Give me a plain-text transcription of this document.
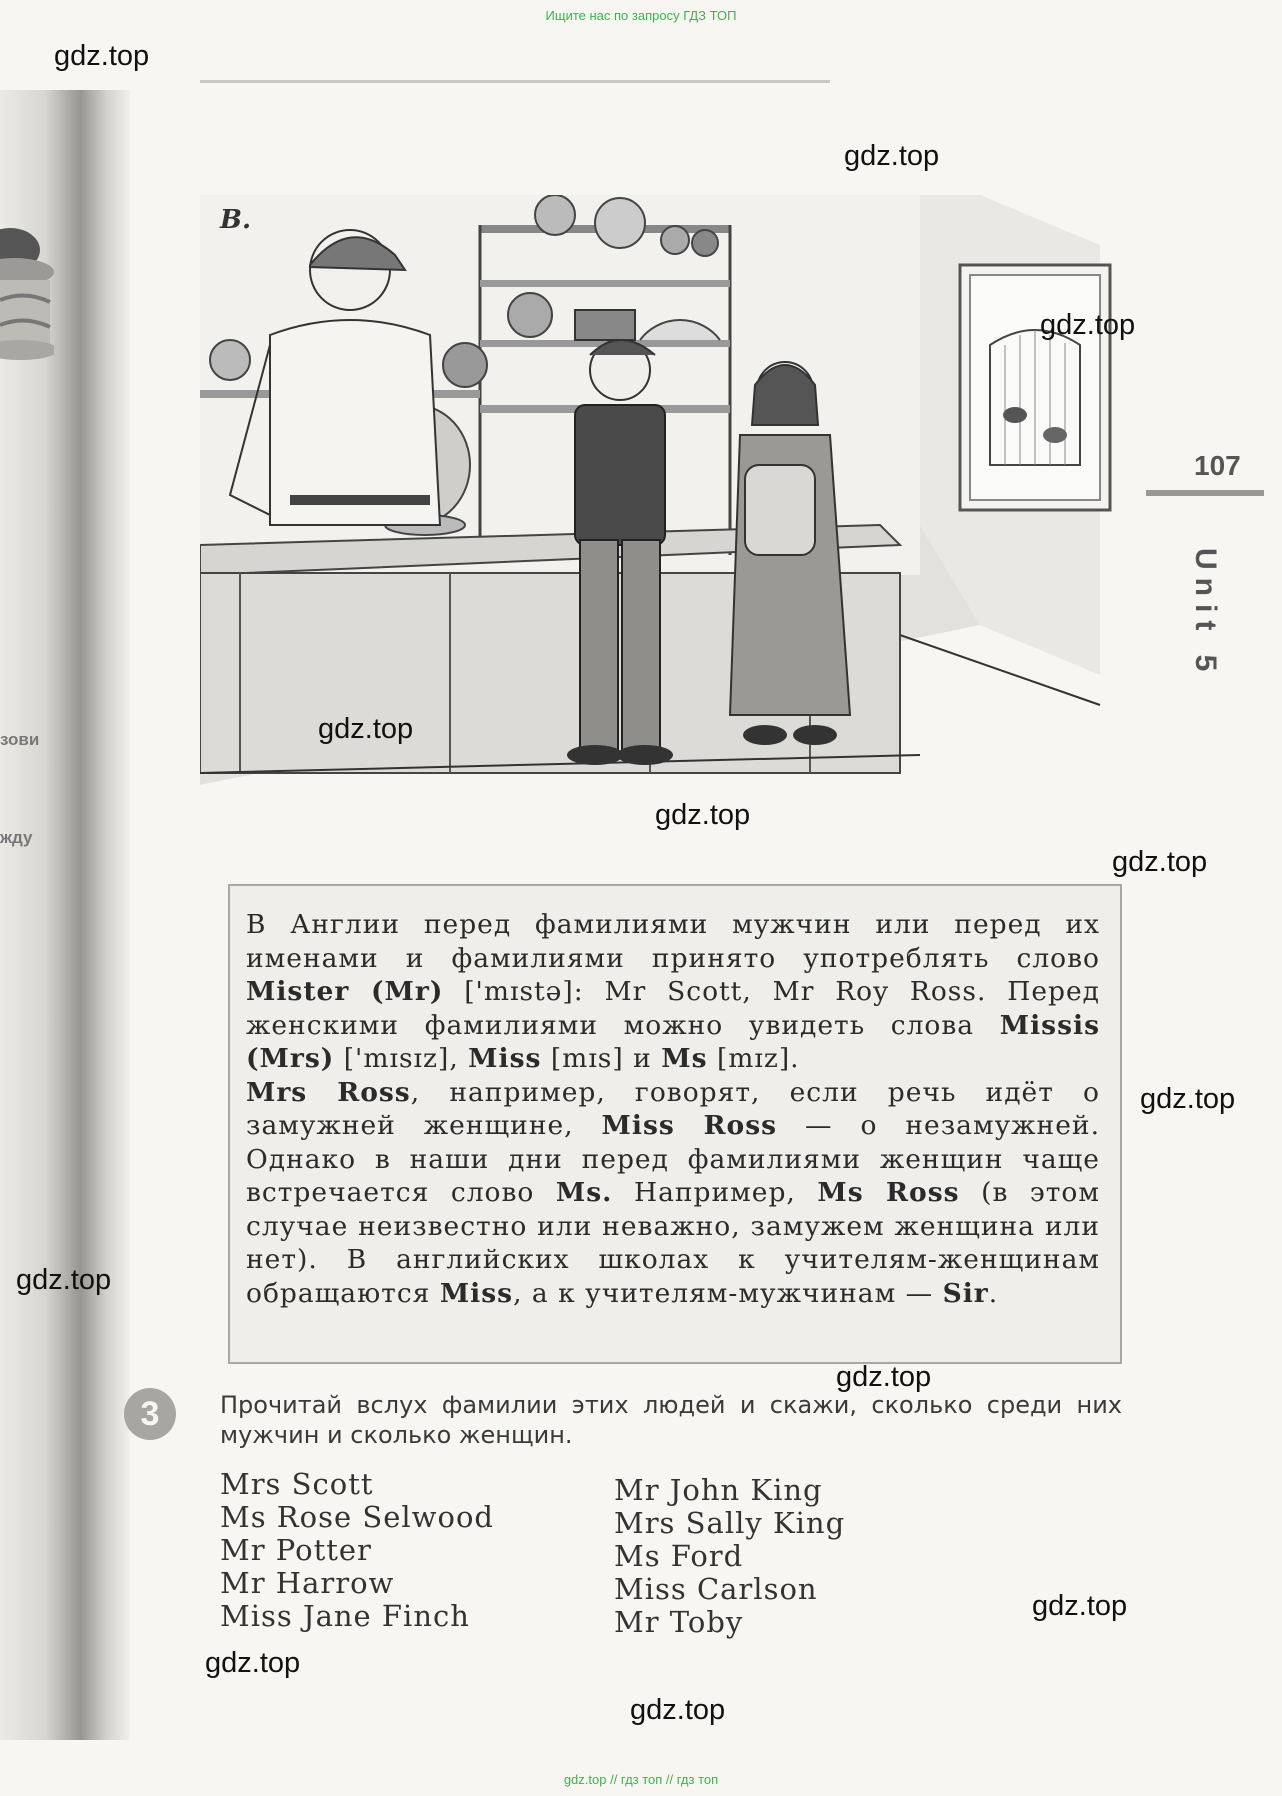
Ищите нас по запросу ГДЗ ТОП
зови
жду
B.
107
Unit 5

В Англии перед фамилиями мужчин или перед их именами и фамилиями принято употреблять слово Mister (Mr) ['mɪstə]: Mr Scott, Mr Roy Ross. Перед женскими фамилиями можно увидеть слова Missis (Mrs) ['mɪsɪz], Miss [mɪs] и Ms [mɪz].
Mrs Ross, например, говорят, если речь идёт о замужней женщине, Miss Ross — о незамужней. Однако в наши дни перед фамилиями женщин чаще встречается слово Ms. Например, Ms Ross (в этом случае неизвестно или неважно, замужем женщина или нет). В английских школах к учителям-женщинам обращаются Miss, а к учителям-мужчинам — Sir.

3	Прочитай вслух фамилии этих людей и скажи, сколько среди них мужчин и сколько женщин.
Mrs Scott
Ms Rose Selwood
Mr Potter
Mr Harrow
Miss Jane Finch
Mr John King
Mrs Sally King
Ms Ford
Miss Carlson
Mr Toby
gdz.top
gdz.top
gdz.top
gdz.top
gdz.top
gdz.top
gdz.top
gdz.top
gdz.top
gdz.top
gdz.top
gdz.top
gdz.top // гдз топ // гдз топ
